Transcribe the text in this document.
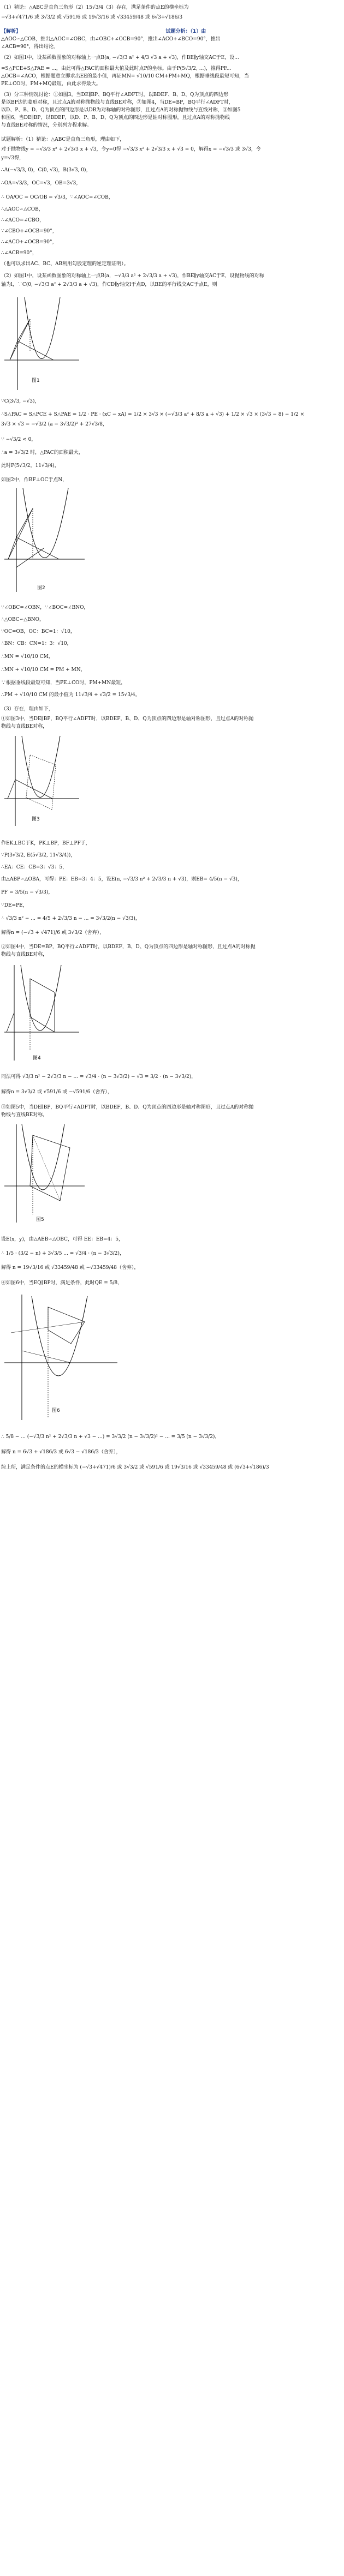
（1）猜论：△ABC是直角三角形（2）15√3/4（3）存在，满足条件的点E的横坐标为
−√3+√471/6 或 3√3/2 或 √591/6 或 19√3/16 或 √33459/48 或 6√3+√186/3
【解析】　　　　　　　　　　　　　　　　　　　　　　　　　　　　　　试题分析：（1）由
△AOC∽△COB，推出△AOC=∠OBC，由∠OBC+∠OCB=90°，推出∠ACO+∠BCO=90°，推出
∠ACB=90°，得出结论。
（2）如图1中，设某函数图象的对称轴上一点B(a, −√3/3 a² + 4/3 √3 a + √3)，作BE∥y轴交AC于E，设...
=S△PCE+S△PAE = ...，由此可得△PAC的面积最大值及此时点P的坐标。由于P(5√3/2, ...)，推得PF...
△OCB=∠ACO，根据题意立即求出EE的最小值，再证MN= √10/10 CM+PM+MQ，根据垂线段最短可知，当
PE⊥CO时，PM+MQ最短，由此求得最大。
（3）分三种情况讨论：①如图3，当DE∥BP、BQ平行∠ADFT时，以BDEF、B、D、Q为顶点的四边形
是以BP边的菱形对称，且过点A的对称抛物线与直线BE对称，②如图4，当DE=BP，BQ平行∠ADFT时，
以D、P、B、D、Q为顶点的四边形是以DB为对称轴的对称图形，且过点A的对称抛物线与直线对称，③如图5
和图6，当DE∥BP，以BDEF，以D、P、B、D、Q为顶点的四边形是轴对称图形，且过点A的对称抛物线
与直线BE对称的情况，分别列方程求解。
试题解析：（1）猜论：△ABC是直角三角形，理由如下，
对于抛物线y = −√3/3 x² + 2√3/3 x + √3，令y=0得 −√3/3 x² + 2√3/3 x + √3 = 0，解得x = −√3/3 或 3√3，令
y=√3得，
∴A(−√3/3, 0)，C(0, √3)，B(3√3, 0)，
∴OA=√3/3，OC=√3，OB=3√3，
∴ OA/OC = OC/OB = √3/3，∵∠AOC=∠COB，
∴△AOC∽△COB，
∴∠ACO=∠CBO，
∵∠CBO+∠OCB=90°，
∴∠ACO+∠OCB=90°，
∴∠ACB=90°，
（也可以求出AC、BC、AB利用勾股定理的逆定理证明）。
（2）如图1中，设某函数图象的对称轴上一点B(a，−√3/3 a² + 2√3/3 a + √3)，作BE∥y轴交AC于E，设抛物线的对称
轴为l，∵C(0, −√3/3 a² + 2√3/3 a + √3)，作CD∥y轴交l于点D，以BE的平行线交AC于点E，则
图1
∵C(3√3, −√3)，
∴S△PAC = S△PCE + S△PAE = 1/2 · PE · (xC − xA) = 1/2 × 3√3 × (−√3/3 a² + 8/3 a + √3) + 1/2 × √3 × (3√3 − 8) − 1/2 ×
3√3 × √3 = −√3/2 (a − 3√3/2)² + 27√3/8，
∵ −√3/2 < 0，
∴a = 3√3/2 时，△PAC的面积最大，
此时P(5√3/2，11√3/4)，
如图2中，作BF⊥OC于点N，
图2
∵∠OBC=∠OBN，∵∠BOC=∠BNO，
∴△OBC∽△BNO，
∵OC=OB，OC：BC=1：√10，
∴BN：CB：CN=1：3：√10，
∴MN = √10/10 CM，
∴MN + √10/10 CM = PM + MN，
∵根据垂线段最短可知，当PE⊥CO时，PM+MN最短，
∴PM + √10/10 CM 的最小值为 11√3/4 + √3/2 = 15√3/4。
（3）存在，理由如下，
①如图3中，当DE∥BP，BQ平行∠ADFT时，以BDEF，B、D、Q为顶点的四边形是轴对称图形，且过点A的对称抛
物线与直线BE对称，
图3
作EK⊥BC于K，PK⊥BP，BF⊥PF于，
∵P(3√3/2, E(5√3/2, 11√3/4))，
∴EA：CE：CB=3：√3：5，
由△ABP∽△OBA，可得：PE：EB=3：4：5，设E(n, −√3/3 n² + 2√3/3 n + √3)，则EB= 4/5(n − √3)，
PF = 3/5(n − √3/3)，
∵DE=PE，
∴ √3/3 n² − ... = 4/5 + 2√3/3 n − ... = 3√3/2(n − √3/3)，
解得n = (−√3 + √471)/6 或 3√3/2（舍弃），
②如图4中，当DE=BP，BQ平行∠ADFT时，以BDEF，B、D、Q为顶点的四边形是轴对称图形，且过点A的对称抛
物线与直线BE对称，
图4
同法可得 √3/3 n² − 2√3/3 n − ... = √3/4 · (n − 3√3/2) − √3 = 3/2 · (n − 3√3/2)，
解得n = 3√3/2 或 √591/6 或 −√591/6（舍弃），
③如图5中，当DE∥BP，BQ平行∠ADFT时，以BDEF，B、D、Q为顶点的四边形是轴对称图形，且过点A的对称抛
物线与直线BE对称，
图5
设E(x，y)，由△AEB∽△OBC，可得 EE：EB=4：5，
∴ 1/5 · (3/2 − n) + 3√3/5 ... = √3/4 · (n − 3√3/2)，
解得 n = 19√3/16 或 √33459/48 或 −√33459/48（舍弃），
④如图6中，当EQ∥BP时，满足条件，此时QE = 5/8，
图6
∴ 5/8 − ... (−√3/3 n² + 2√3/3 n + √3 − ...) = 3√3/2 (n − 3√3/2)² − ... = 3/5 (n − 3√3/2)，
解得 n = 6√3 + √186/3 或 6√3 − √186/3（舍弃），
综上所，满足条件的点E的横坐标为 (−√3+√471)/6 或 3√3/2 或 √591/6 或 19√3/16 或 √33459/48 或 (6√3+√186)/3
